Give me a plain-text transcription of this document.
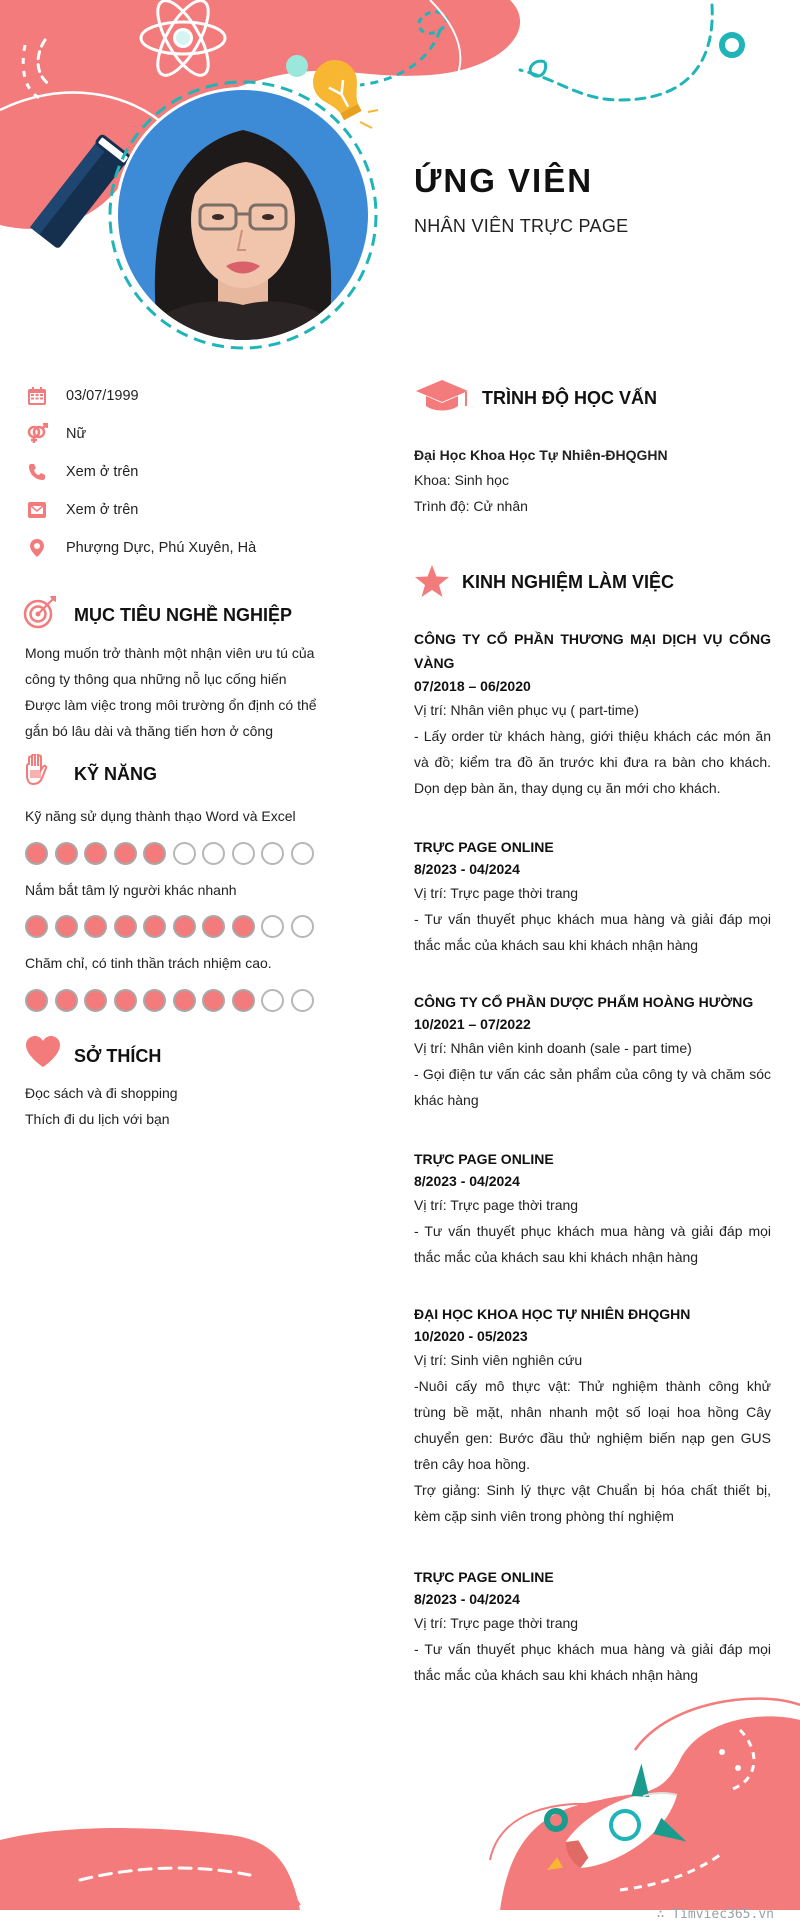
ỨNG VIÊN
NHÂN VIÊN TRỰC PAGE
03/07/1999
Nữ
Xem ở trên
Xem ở trên
Phượng Dực, Phú Xuyên, Hà
MỤC TIÊU NGHỀ NGHIỆP
Mong muốn trở thành một nhận viên ưu tú của
công ty thông qua những nỗ lục cống hiến
Được làm việc trong môi trường ổn định có thể
gắn bó lâu dài và thăng tiến hơn ở công
KỸ NĂNG
Kỹ năng sử dụng thành thạo Word và Excel
Nắm bắt tâm lý người khác nhanh
Chăm chỉ, có tinh thần trách nhiệm cao.
SỞ THÍCH
Đọc sách và đi shopping
Thích đi du lịch với bạn
TRÌNH ĐỘ HỌC VẤN
Đại Học Khoa Học Tự Nhiên-ĐHQGHN
Khoa: Sinh học
Trình độ: Cử nhân
KINH NGHIỆM LÀM VIỆC
CÔNG TY CỔ PHẦN THƯƠNG MẠI DỊCH VỤ CỔNG VÀNG
07/2018 – 06/2020
Vị trí: Nhân viên phục vụ ( part-time)
- Lấy order từ khách hàng, giới thiệu khách các món ăn và đồ; kiểm tra đồ ăn trước khi đưa ra bàn cho khách. Dọn dẹp bàn ăn, thay dụng cụ ăn mới cho khách.
TRỰC PAGE ONLINE
8/2023 - 04/2024
Vị trí: Trực page thời trang
- Tư vấn thuyết phục khách mua hàng và giải đáp mọi thắc mắc của khách sau khi khách nhận hàng
CÔNG TY CỔ PHẦN DƯỢC PHẨM HOÀNG HƯỜNG
10/2021 – 07/2022
Vị trí: Nhân viên kinh doanh (sale - part time)
- Gọi điện tư vấn các sản phẩm của công ty và chăm sóc khác hàng
TRỰC PAGE ONLINE
8/2023 - 04/2024
Vị trí: Trực page thời trang
- Tư vấn thuyết phục khách mua hàng và giải đáp mọi thắc mắc của khách sau khi khách nhận hàng
ĐẠI HỌC KHOA HỌC TỰ NHIÊN ĐHQGHN
10/2020 - 05/2023
Vị trí: Sinh viên nghiên cứu
-Nuôi cấy mô thực vật: Thử nghiệm thành công khử trùng bề mặt, nhân nhanh một số loại hoa hồng Cây chuyển gen: Bước đầu thử nghiệm biến nạp gen GUS trên cây hoa hồng.
Trợ giảng: Sinh lý thực vật Chuẩn bị hóa chất thiết bị, kèm cặp sinh viên trong phòng thí nghiệm
TRỰC PAGE ONLINE
8/2023 - 04/2024
Vị trí: Trực page thời trang
- Tư vấn thuyết phục khách mua hàng và giải đáp mọi thắc mắc của khách sau khi khách nhận hàng
∴ Timviec365.vn
